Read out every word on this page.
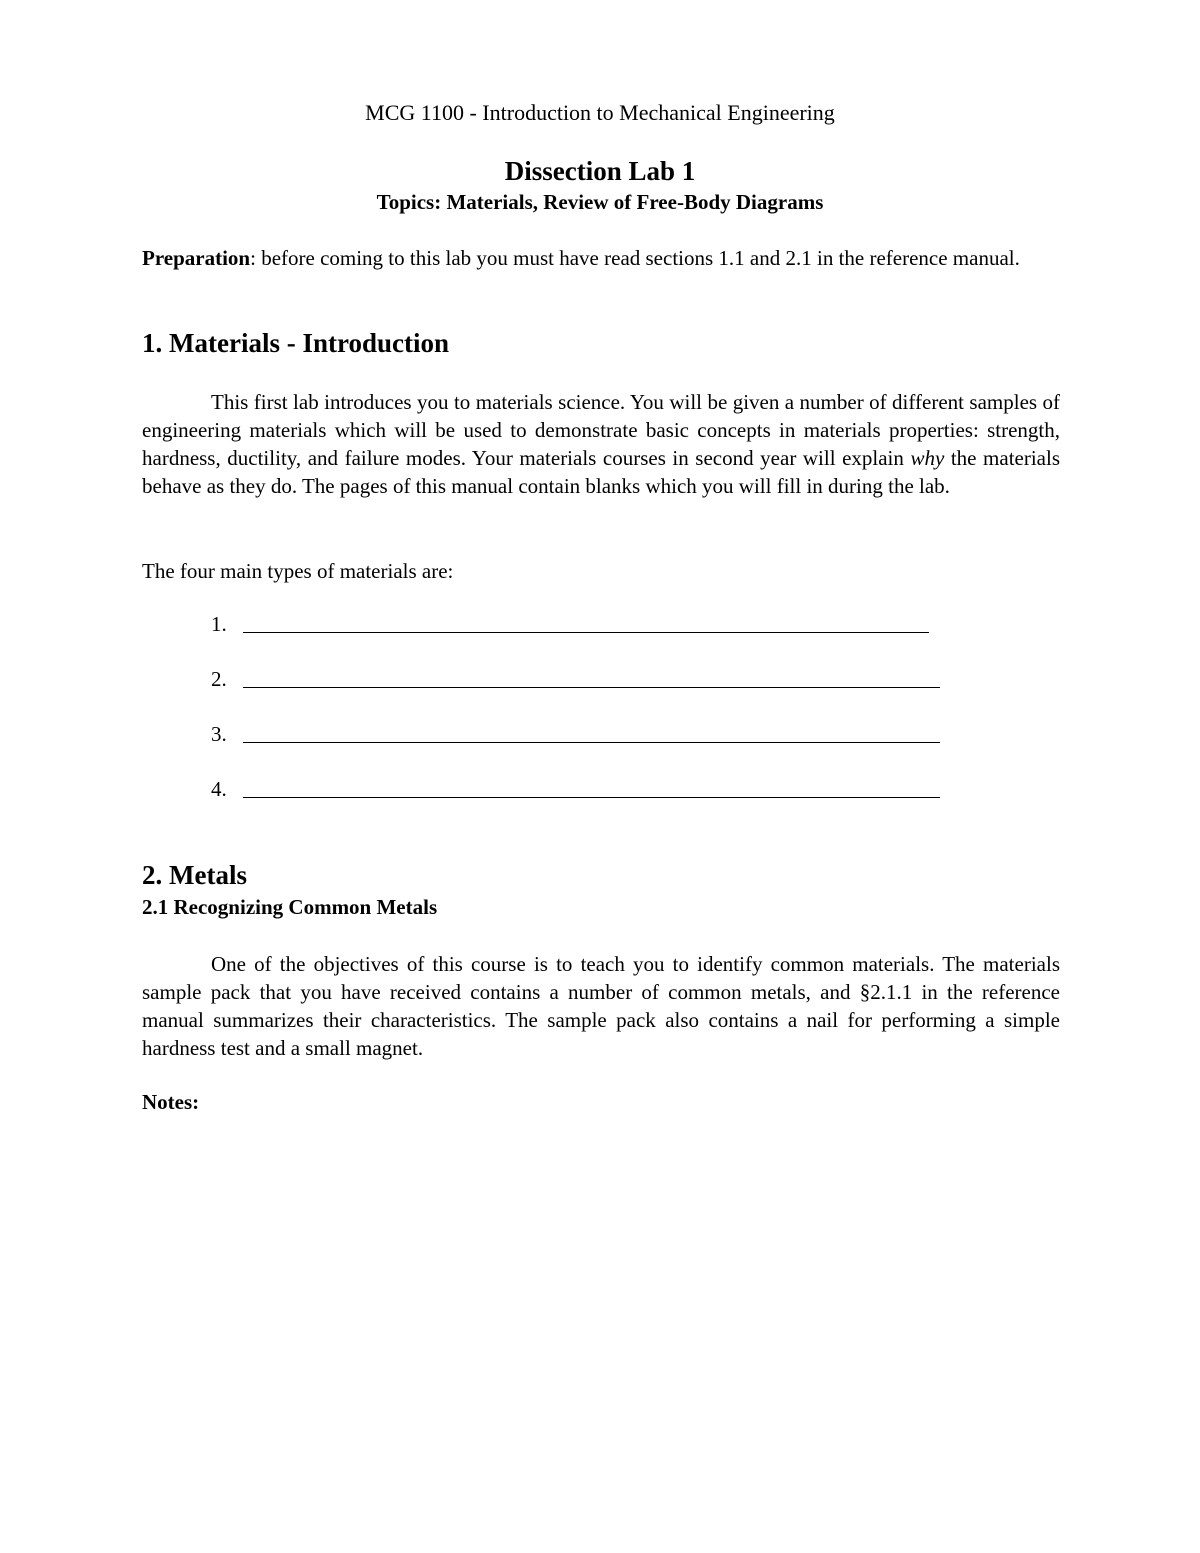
MCG 1100 - Introduction to Mechanical Engineering
Dissection Lab 1
Topics: Materials, Review of Free-Body Diagrams
Preparation: before coming to this lab you must have read sections 1.1 and 2.1 in the reference manual.
1. Materials - Introduction
This first lab introduces you to materials science. You will be given a number of different samples of engineering materials which will be used to demonstrate basic concepts in materials properties: strength, hardness, ductility, and failure modes. Your materials courses in second year will explain why the materials behave as they do. The pages of this manual contain blanks which you will fill in during the lab.
The four main types of materials are:
1.
2.
3.
4.
2. Metals
2.1 Recognizing Common Metals
One of the objectives of this course is to teach you to identify common materials. The materials sample pack that you have received contains a number of common metals, and §2.1.1 in the reference manual summarizes their characteristics. The sample pack also contains a nail for performing a simple hardness test and a small magnet.
Notes:
